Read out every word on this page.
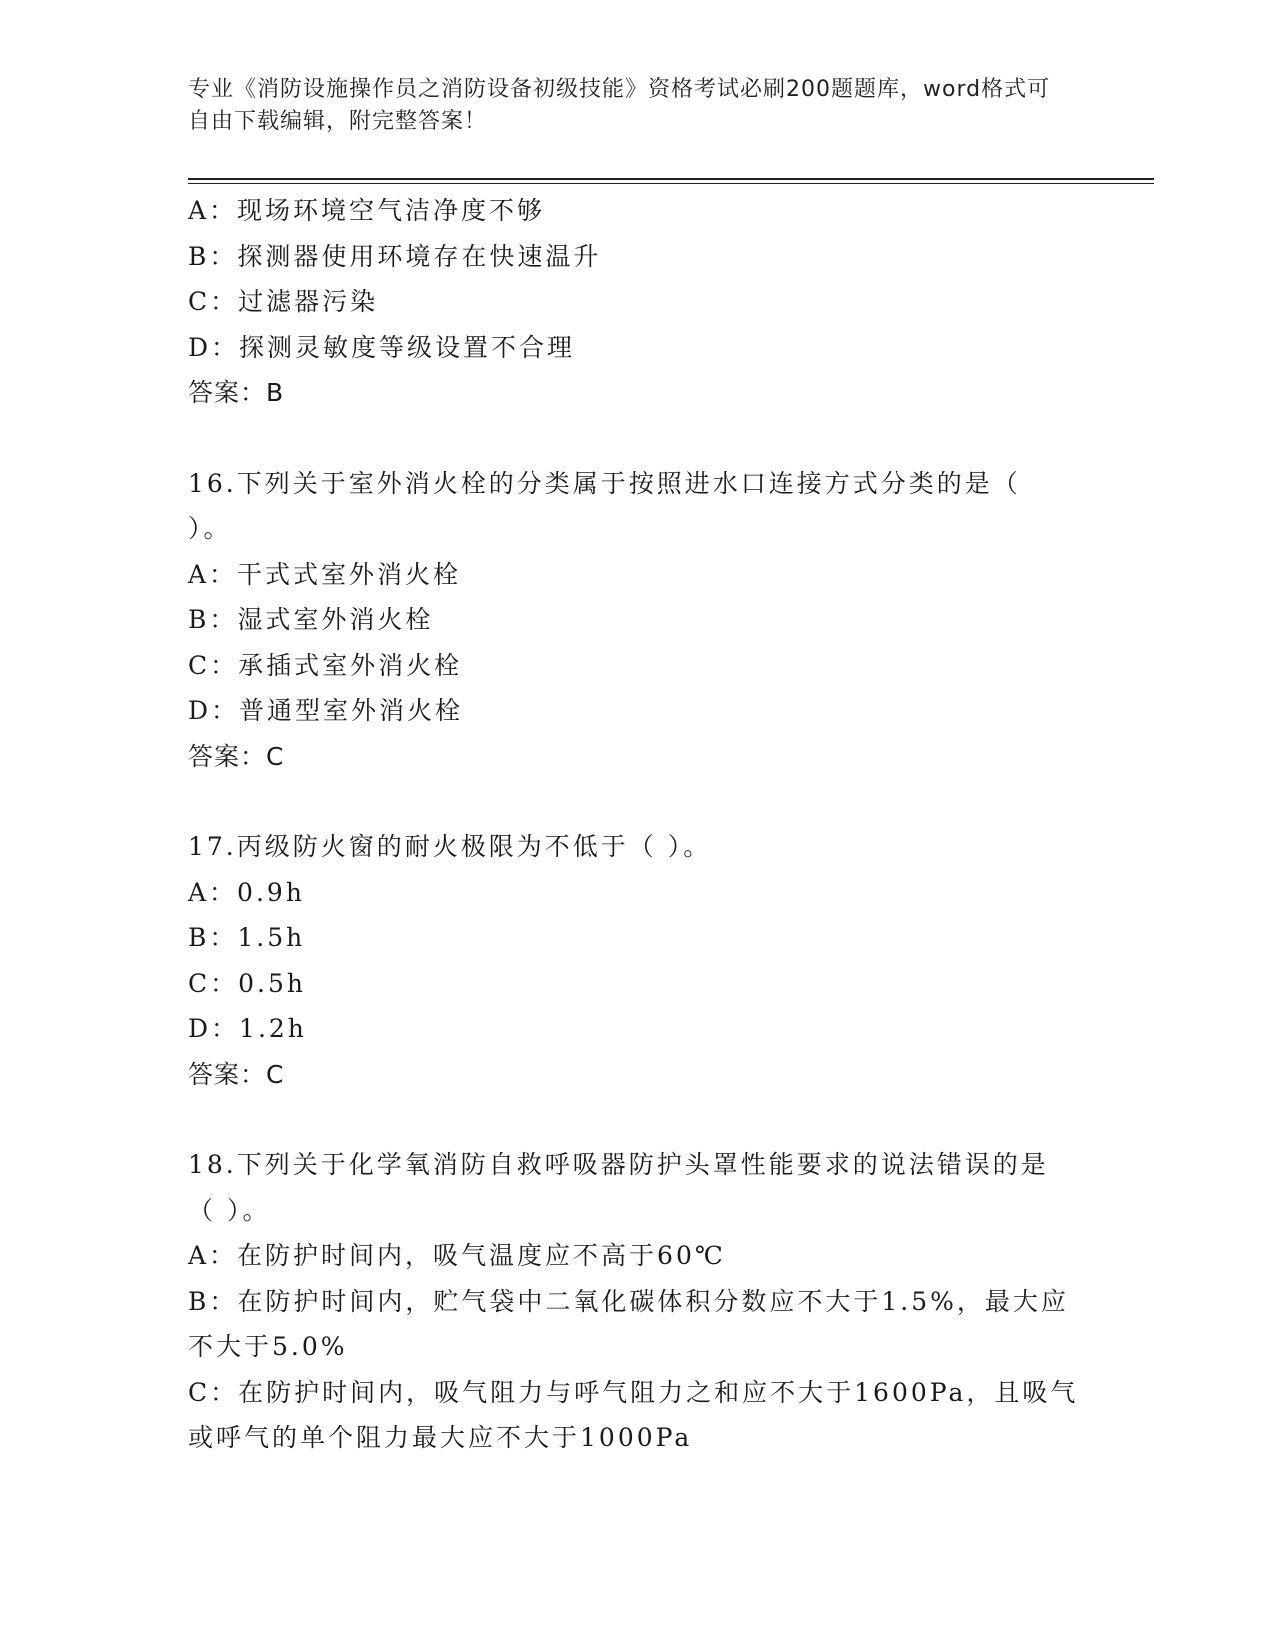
专业《消防设施操作员之消防设备初级技能》资格考试必刷200题题库，word格式可自由下载编辑，附完整答案！
A：现场环境空气洁净度不够
B：探测器使用环境存在快速温升
C：过滤器污染
D：探测灵敏度等级设置不合理
答案：B
16.下列关于室外消火栓的分类属于按照进水口连接方式分类的是（
）。
A：干式式室外消火栓
B：湿式室外消火栓
C：承插式室外消火栓
D：普通型室外消火栓
答案：C
17.丙级防火窗的耐火极限为不低于（ ）。
A：0.9h
B：1.5h
C：0.5h
D：1.2h
答案：C
18.下列关于化学氧消防自救呼吸器防护头罩性能要求的说法错误的是
（ ）。
A：在防护时间内，吸气温度应不高于60℃
B：在防护时间内，贮气袋中二氧化碳体积分数应不大于1.5%，最大应
不大于5.0%
C：在防护时间内，吸气阻力与呼气阻力之和应不大于1600Pa，且吸气
或呼气的单个阻力最大应不大于1000Pa
